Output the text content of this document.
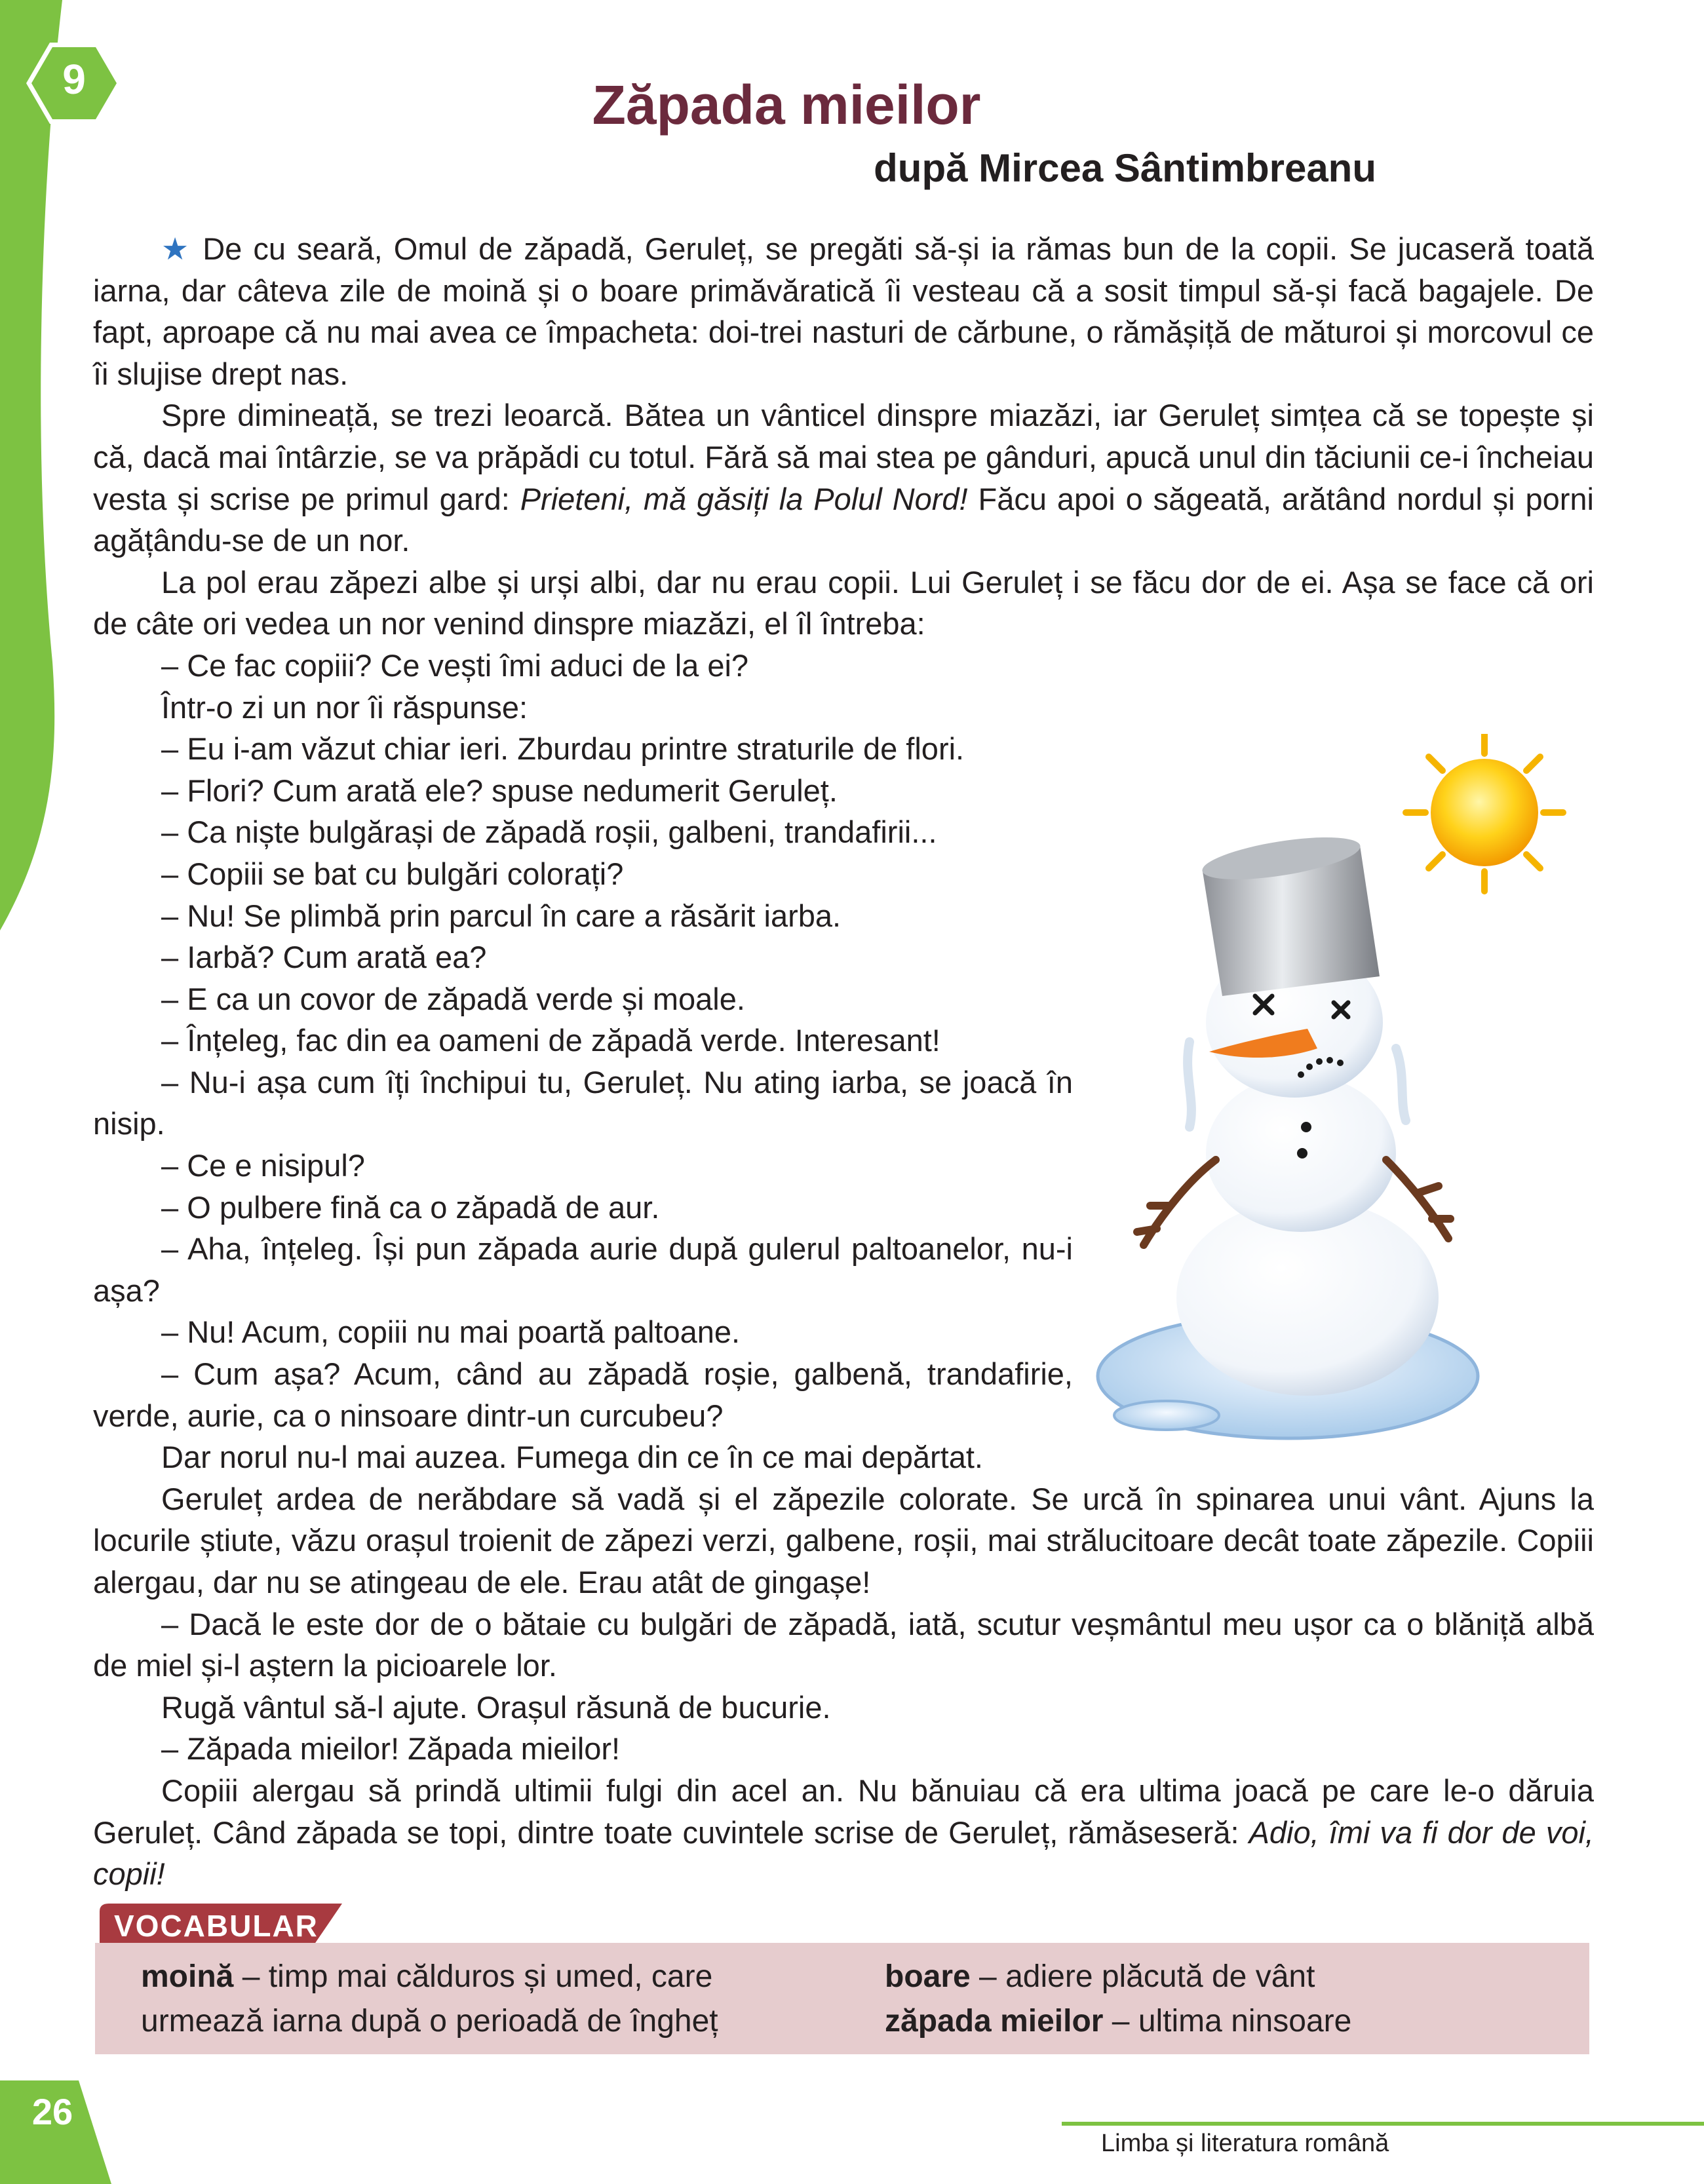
9	Zăpada mieilor
după Mircea Sântimbreanu

★ De cu seară, Omul de zăpadă, Geruleț, se pregăti să-și ia rămas bun de la copii. Se jucaseră toată iarna, dar câteva zile de moină și o boare primăvăratică îi vesteau că a sosit timpul să-și facă bagajele. De fapt, aproape că nu mai avea ce împacheta: doi-trei nasturi de cărbune, o rămășiță de măturoi și morcovul ce îi slujise drept nas.

Spre dimineață, se trezi leoarcă. Bătea un vânticel dinspre miazăzi, iar Geruleț simțea că se topește și că, dacă mai întârzie, se va prăpădi cu totul. Fără să mai stea pe gânduri, apucă unul din tăciunii ce-i încheiau vesta și scrise pe primul gard: Prieteni, mă găsiți la Polul Nord! Făcu apoi o săgeată, arătând nordul și porni agățându-se de un nor.

La pol erau zăpezi albe și urși albi, dar nu erau copii. Lui Geruleț i se făcu dor de ei. Așa se face că ori de câte ori vedea un nor venind dinspre miazăzi, el îl întreba:

– Ce fac copiii? Ce vești îmi aduci de la ei?

Într-o zi un nor îi răspunse:

– Eu i-am văzut chiar ieri. Zburdau printre straturile de flori.

– Flori? Cum arată ele? spuse nedumerit Geruleț.

– Ca niște bulgărași de zăpadă roșii, galbeni, trandafirii...

– Copiii se bat cu bulgări colorați?

– Nu! Se plimbă prin parcul în care a răsărit iarba.

– Iarbă? Cum arată ea?

– E ca un covor de zăpadă verde și moale.

– Înțeleg, fac din ea oameni de zăpadă verde. Interesant!

– Nu-i așa cum îți închipui tu, Geruleț. Nu ating iarba, se joacă în nisip.

– Ce e nisipul?

– O pulbere fină ca o zăpadă de aur.

– Aha, înțeleg. Își pun zăpada aurie după gulerul paltoanelor, nu-i așa?

– Nu! Acum, copiii nu mai poartă paltoane.

– Cum așa? Acum, când au zăpadă roșie, galbenă, trandafirie, verde, aurie, ca o ninsoare dintr-un curcubeu?

Dar norul nu-l mai auzea. Fumega din ce în ce mai depărtat.

Geruleț ardea de nerăbdare să vadă și el zăpezile colorate. Se urcă în spinarea unui vânt. Ajuns la locurile știute, văzu orașul troienit de zăpezi verzi, galbene, roșii, mai strălucitoare decât toate zăpezile. Copiii alergau, dar nu se atingeau de ele. Erau atât de gingașe!

– Dacă le este dor de o bătaie cu bulgări de zăpadă, iată, scutur veșmântul meu ușor ca o blăniță albă de miel și-l aștern la picioarele lor.

Rugă vântul să-l ajute. Orașul răsună de bucurie.

– Zăpada mieilor! Zăpada mieilor!

Copiii alergau să prindă ultimii fulgi din acel an. Nu bănuiau că era ultima joacă pe care le-o dăruia Geruleț. Când zăpada se topi, dintre toate cuvintele scrise de Geruleț, rămăseseră: Adio, îmi va fi dor de voi, copii!

VOCABULAR
moină – timp mai călduros și umed, care urmează iarna după o perioadă de îngheț
boare – adiere plăcută de vânt
zăpada mieilor – ultima ninsoare
26
Limba și literatura română
